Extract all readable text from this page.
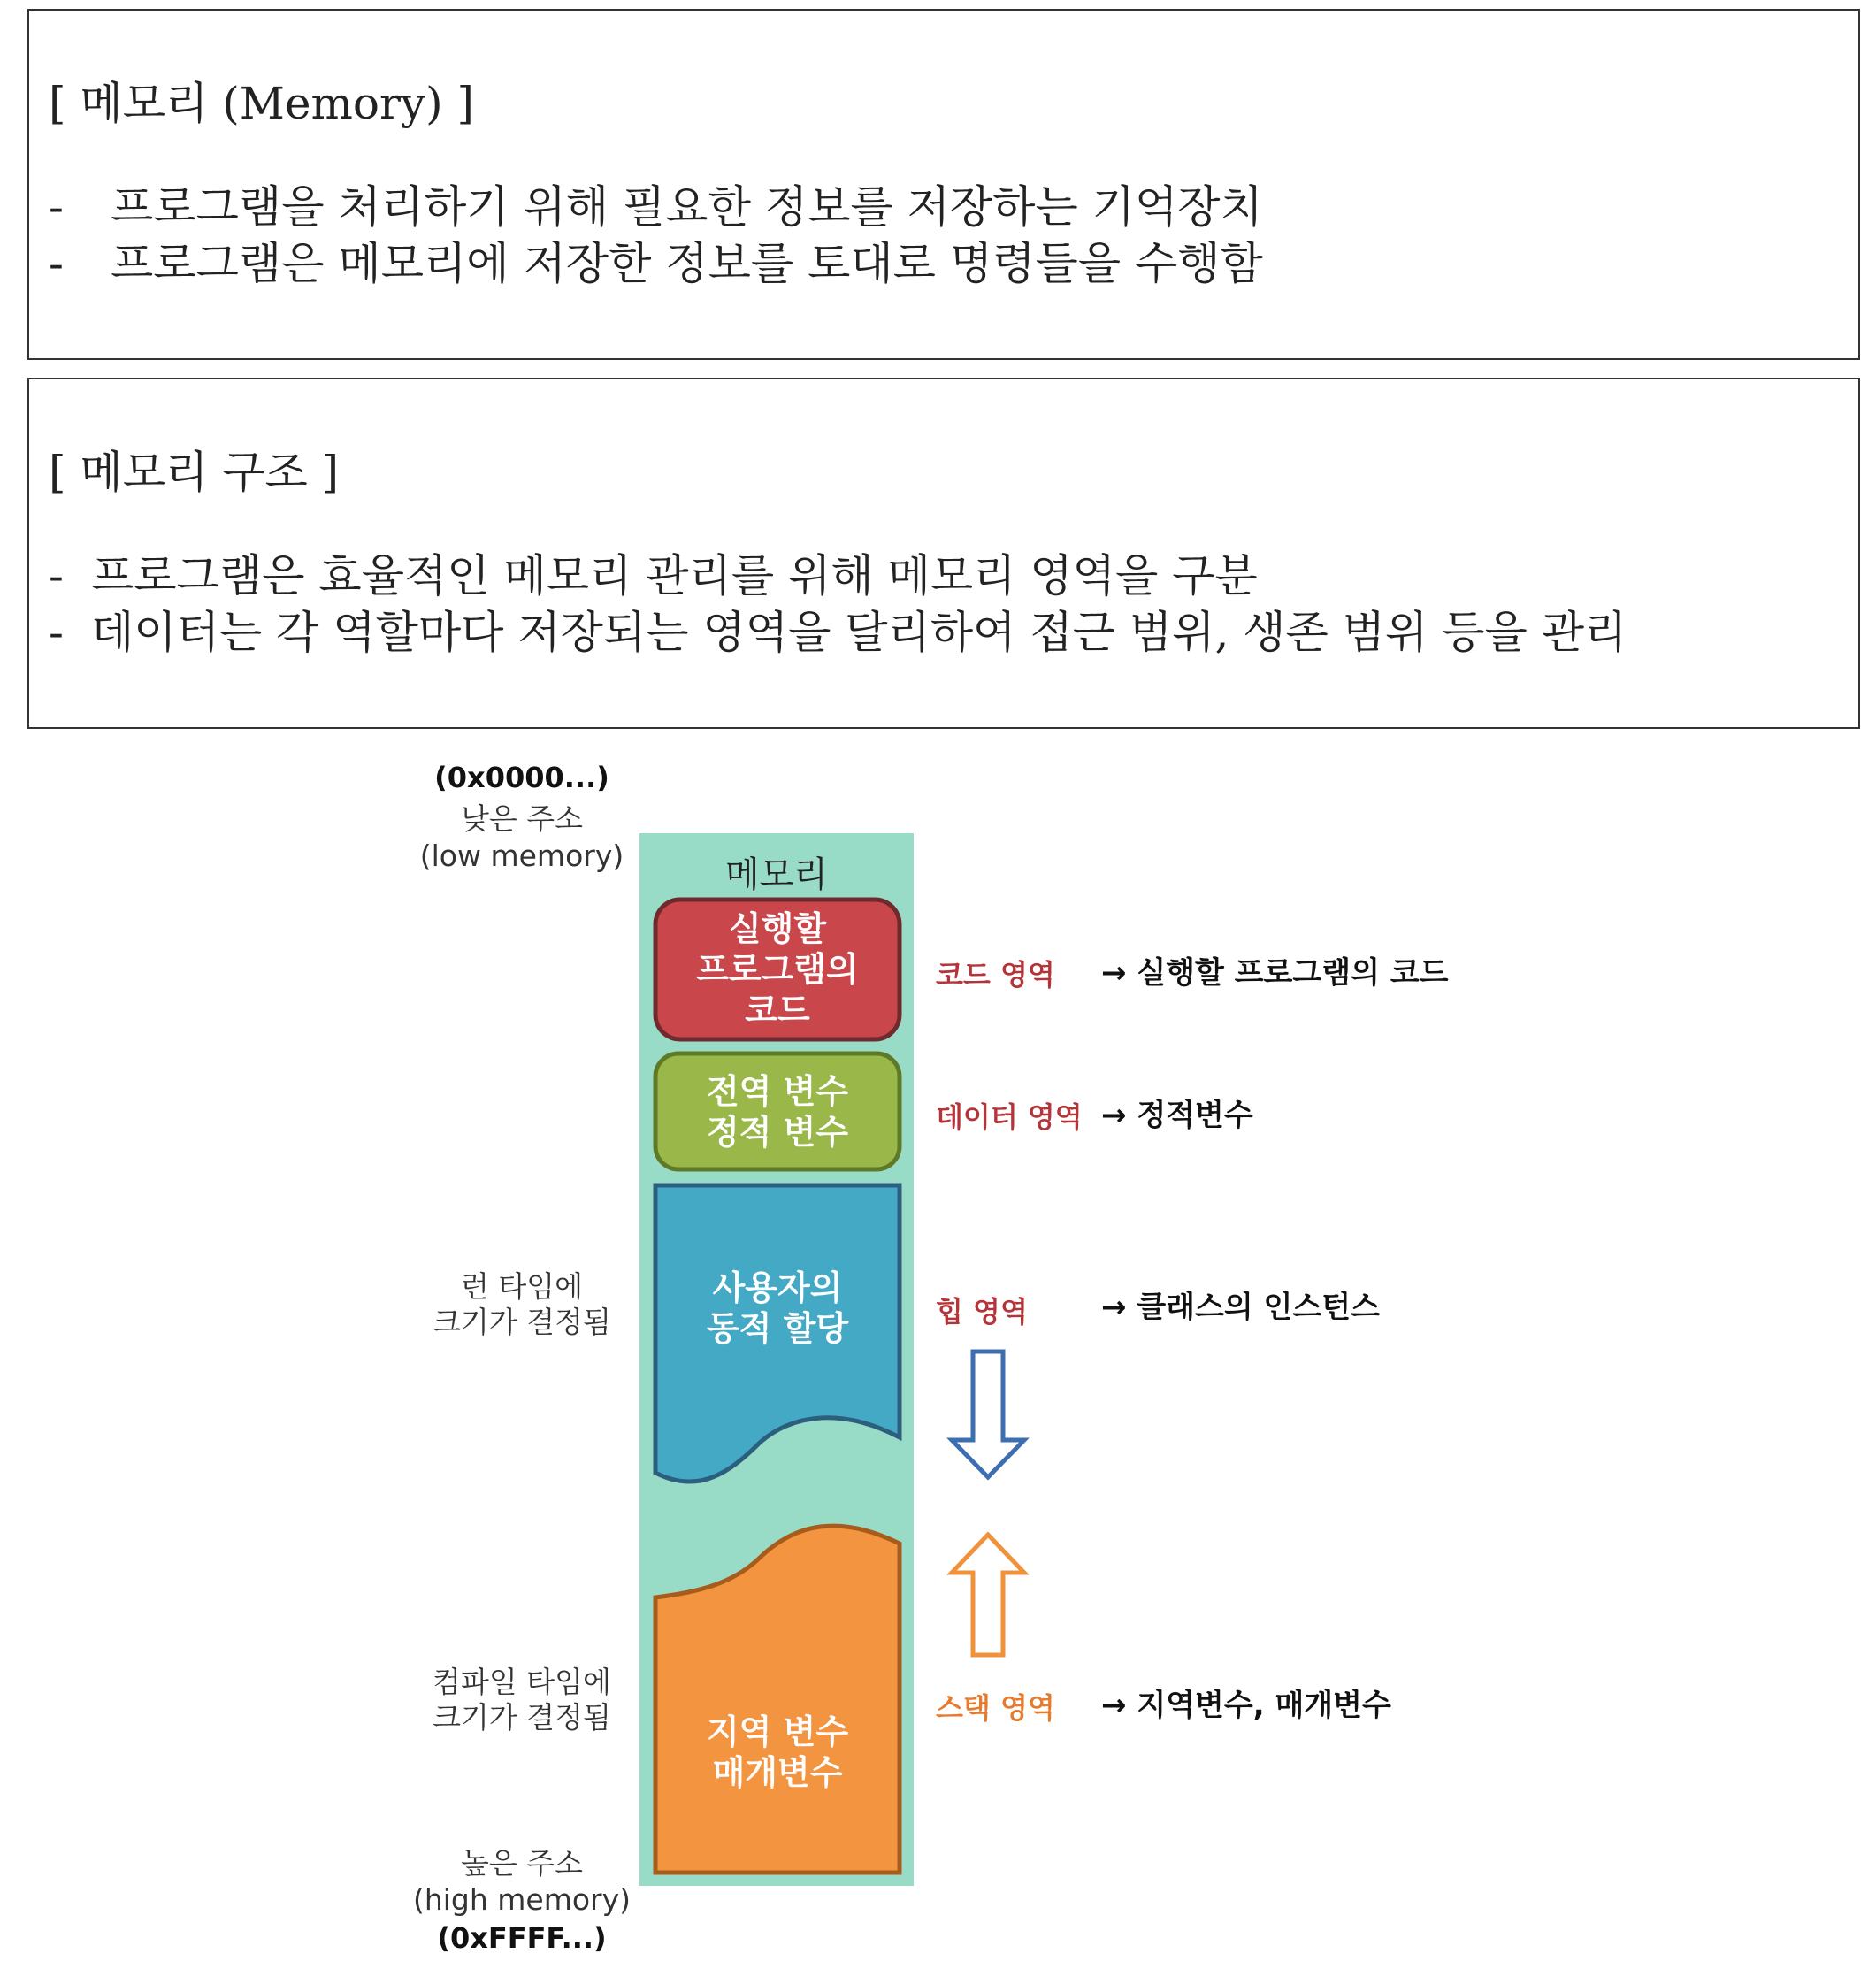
[ 메모리 (Memory) ]
- 프로그램을 처리하기 위해 필요한 정보를 저장하는 기억장치
- 프로그램은 메모리에 저장한 정보를 토대로 명령들을 수행함
[ 메모리 구조 ]
- 프로그램은 효율적인 메모리 관리를 위해 메모리 영역을 구분
- 데이터는 각 역할마다 저장되는 영역을 달리하여 접근 범위, 생존 범위 등을 관리
(0x0000...)
낮은 주소
(low memory)
런 타임에
크기가 결정됨
컴파일 타임에
크기가 결정됨
높은 주소
(high memory)
(0xFFFF...)
메모리
실행할
프로그램의
코드
전역 변수
정적 변수
사용자의
동적 할당
지역 변수
매개변수
코드 영역
데이터 영역
힙 영역
스택 영역
→ 실행할 프로그램의 코드
→ 정적변수
→ 클래스의 인스턴스
→ 지역변수, 매개변수
